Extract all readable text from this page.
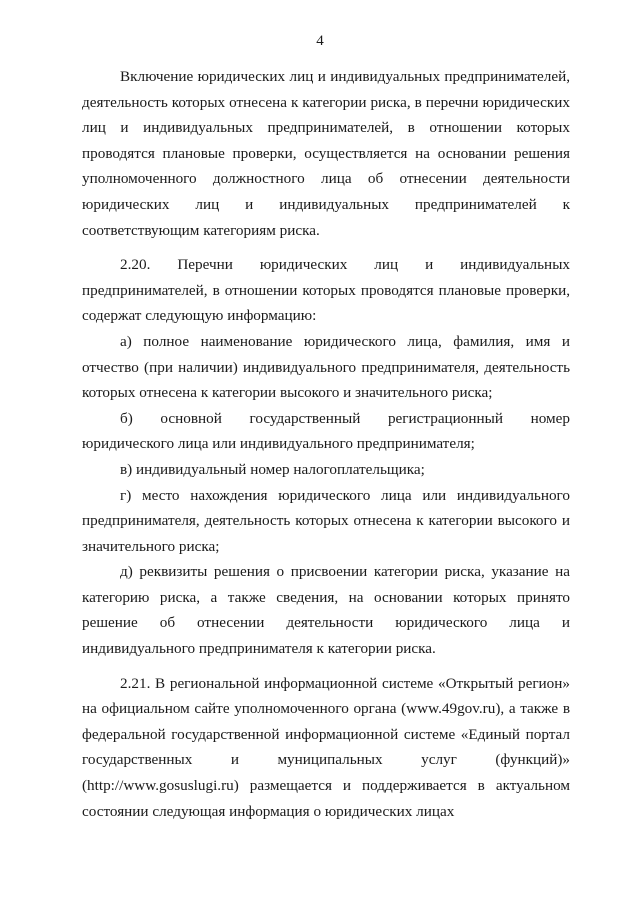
4

Включение юридических лиц и индивидуальных предпринимателей, деятельность которых отнесена к категории риска, в перечни юридических лиц и индивидуальных предпринимателей, в отношении которых проводятся плановые проверки, осуществляется на основании решения уполномоченного должностного лица об отнесении деятельности юридических лиц и индивидуальных предпринимателей к соответствующим категориям риска.

2.20. Перечни юридических лиц и индивидуальных предпринимателей, в отношении которых проводятся плановые проверки, содержат следующую информацию:

а) полное наименование юридического лица, фамилия, имя и отчество (при наличии) индивидуального предпринимателя, деятельность которых отнесена к категории высокого и значительного риска;

б) основной государственный регистрационный номер юридического лица или индивидуального предпринимателя;

в) индивидуальный номер налогоплательщика;

г) место нахождения юридического лица или индивидуального предпринимателя, деятельность которых отнесена к категории высокого и значительного риска;

д) реквизиты решения о присвоении категории риска, указание на категорию риска, а также сведения, на основании которых принято решение об отнесении деятельности юридического лица и индивидуального предпринимателя к категории риска.

2.21. В региональной информационной системе «Открытый регион» на официальном сайте уполномоченного органа (www.49gov.ru), а также в федеральной государственной информационной системе «Единый портал государственных и муниципальных услуг (функций)» (http://www.gosuslugi.ru) размещается и поддерживается в актуальном состоянии следующая информация о юридических лицах
